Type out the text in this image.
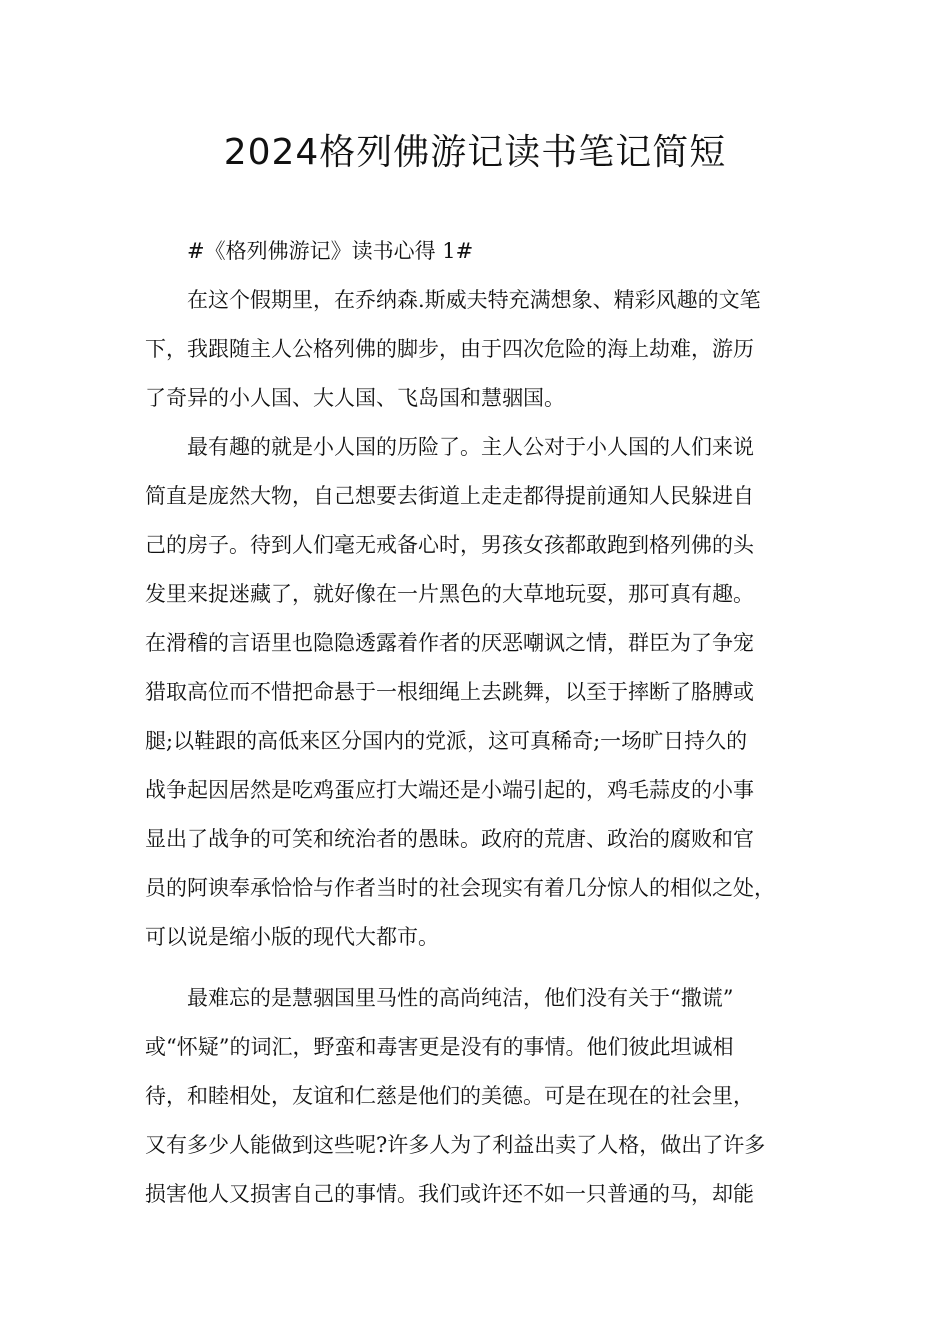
2024格列佛游记读书笔记简短
#《格列佛游记》读书心得 1#
在这个假期里，在乔纳森.斯威夫特充满想象、精彩风趣的文笔
下，我跟随主人公格列佛的脚步，由于四次危险的海上劫难，游历
了奇异的小人国、大人国、飞岛国和慧骃国。
最有趣的就是小人国的历险了。主人公对于小人国的人们来说
简直是庞然大物，自己想要去街道上走走都得提前通知人民躲进自
己的房子。待到人们毫无戒备心时，男孩女孩都敢跑到格列佛的头
发里来捉迷藏了，就好像在一片黑色的大草地玩耍，那可真有趣。
在滑稽的言语里也隐隐透露着作者的厌恶嘲讽之情，群臣为了争宠
猎取高位而不惜把命悬于一根细绳上去跳舞，以至于摔断了胳膊或
腿;以鞋跟的高低来区分国内的党派，这可真稀奇;一场旷日持久的
战争起因居然是吃鸡蛋应打大端还是小端引起的，鸡毛蒜皮的小事
显出了战争的可笑和统治者的愚昧。政府的荒唐、政治的腐败和官
员的阿谀奉承恰恰与作者当时的社会现实有着几分惊人的相似之处，
可以说是缩小版的现代大都市。
最难忘的是慧骃国里马性的高尚纯洁，他们没有关于“撒谎”
或“怀疑”的词汇，野蛮和毒害更是没有的事情。他们彼此坦诚相
待，和睦相处，友谊和仁慈是他们的美德。可是在现在的社会里，
又有多少人能做到这些呢?许多人为了利益出卖了人格，做出了许多
损害他人又损害自己的事情。我们或许还不如一只普通的马，却能
